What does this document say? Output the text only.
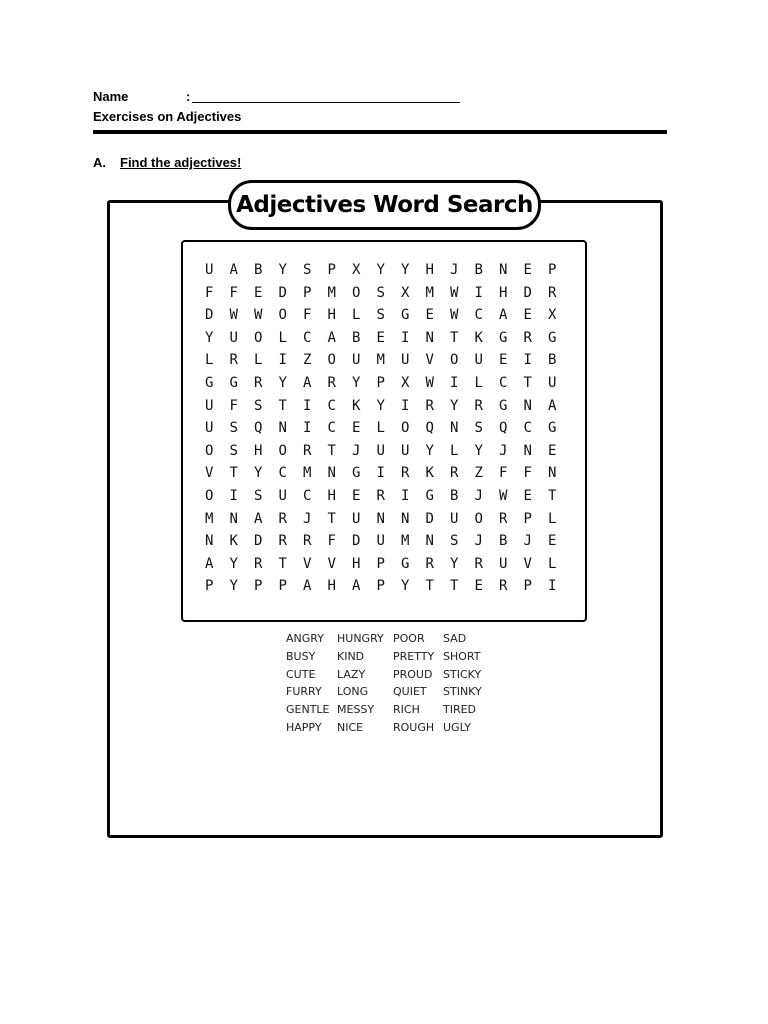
Name	:
Exercises on Adjectives
A. Find the adjectives!
Adjectives Word Search
U	A	B	Y	S	P	X	Y	Y	H	J	B	N	E	P
F	F	E	D	P	M	O	S	X	M	W	I	H	D	R
D	W	W	O	F	H	L	S	G	E	W	C	A	E	X
Y	U	O	L	C	A	B	E	I	N	T	K	G	R	G
L	R	L	I	Z	O	U	M	U	V	O	U	E	I	B
G	G	R	Y	A	R	Y	P	X	W	I	L	C	T	U
U	F	S	T	I	C	K	Y	I	R	Y	R	G	N	A
U	S	Q	N	I	C	E	L	O	Q	N	S	Q	C	G
O	S	H	O	R	T	J	U	U	Y	L	Y	J	N	E
V	T	Y	C	M	N	G	I	R	K	R	Z	F	F	N
O	I	S	U	C	H	E	R	I	G	B	J	W	E	T
M	N	A	R	J	T	U	N	N	D	U	O	R	P	L
N	K	D	R	R	F	D	U	M	N	S	J	B	J	E
A	Y	R	T	V	V	H	P	G	R	Y	R	U	V	L
P	Y	P	P	A	H	A	P	Y	T	T	E	R	P	I
ANGRY	HUNGRY POOR	SAD
BUSY	KIND	PRETTY SHORT
CUTE	LAZY	PROUD STICKY
FURRY	LONG	QUIET	STINKY
GENTLE MESSY	RICH	TIRED
HAPPY	NICE	ROUGH UGLY
